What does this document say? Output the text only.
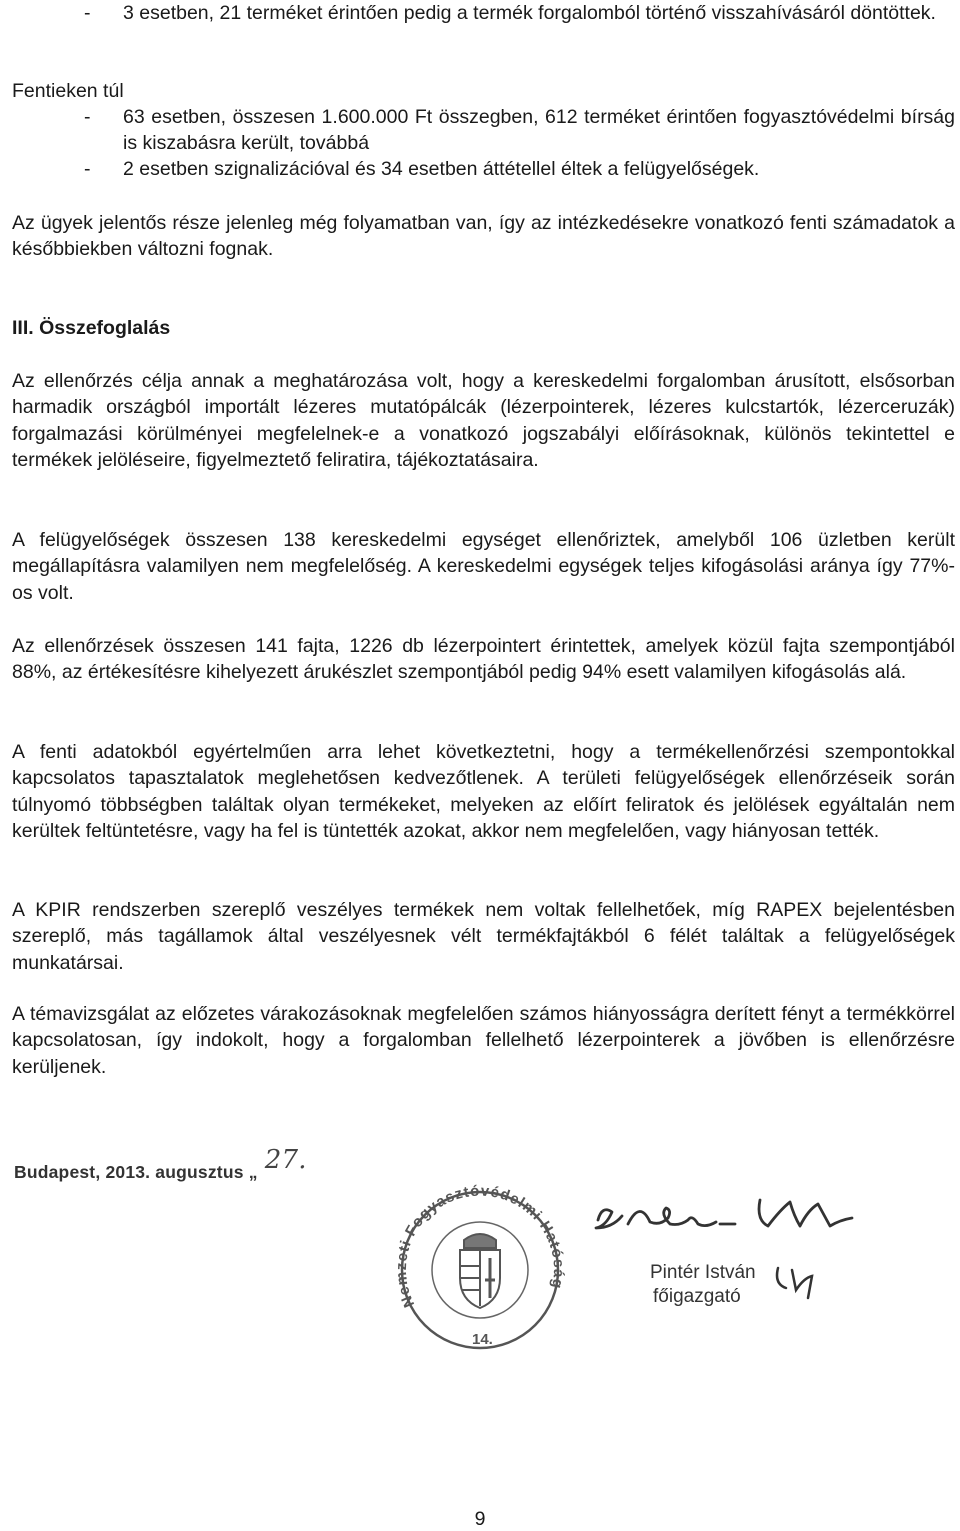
- 3 esetben, 21 terméket érintően pedig a termék forgalomból történő visszahívásáról döntöttek.

Fentieken túl

- 63 esetben, összesen 1.600.000 Ft összegben, 612 terméket érintően fogyasztóvédelmi bírság is kiszabásra került, továbbá
- 2 esetben szignalizációval és 34 esetben áttétellel éltek a felügyelőségek.

Az ügyek jelentős része jelenleg még folyamatban van, így az intézkedésekre vonatkozó fenti számadatok a későbbiekben változni fognak.

III. Összefoglalás

Az ellenőrzés célja annak a meghatározása volt, hogy a kereskedelmi forgalomban árusított, elsősorban harmadik országból importált lézeres mutatópálcák (lézerpointerek, lézeres kulcstartók, lézerceruzák) forgalmazási körülményei megfelelnek-e a vonatkozó jogszabályi előírásoknak, különös tekintettel e termékek jelöléseire, figyelmeztető feliratira, tájékoztatásaira.

A felügyelőségek összesen 138 kereskedelmi egységet ellenőriztek, amelyből 106 üzletben került megállapításra valamilyen nem megfelelőség. A kereskedelmi egységek teljes kifogásolási aránya így 77%-os volt.

Az ellenőrzések összesen 141 fajta, 1226 db lézerpointert érintettek, amelyek közül fajta szempontjából 88%, az értékesítésre kihelyezett árukészlet szempontjából pedig 94% esett valamilyen kifogásolás alá.

A fenti adatokból egyértelműen arra lehet következtetni, hogy a termékellenőrzési szempontokkal kapcsolatos tapasztalatok meglehetősen kedvezőtlenek. A területi felügyelőségek ellenőrzéseik során túlnyomó többségben találtak olyan termékeket, melyeken az előírt feliratok és jelölések egyáltalán nem kerültek feltüntetésre, vagy ha fel is tüntették azokat, akkor nem megfelelően, vagy hiányosan tették.

A KPIR rendszerben szereplő veszélyes termékek nem voltak fellelhetőek, míg RAPEX bejelentésben szereplő, más tagállamok által veszélyesnek vélt termékfajtákból 6 félét találtak a felügyelőségek munkatársai.

A témavizsgálat az előzetes várakozásoknak megfelelően számos hiányosságra derített fényt a termékkörrel kapcsolatosan, így indokolt, hogy a forgalomban fellelhető lézerpointerek a jövőben is ellenőrzésre kerüljenek.

Budapest, 2013. augusztus „ 27.
Nemzeti Fogyasztóvédelmi Hatóság
14.
Pintér István
főigazgató
9
